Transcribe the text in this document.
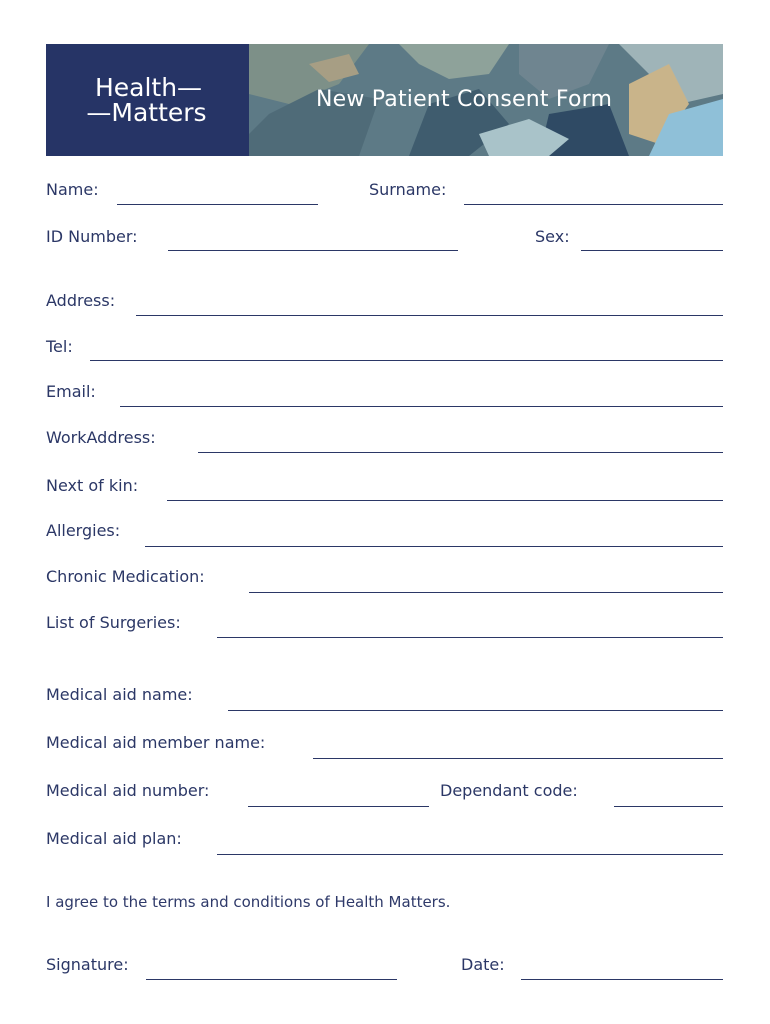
Health—
—Matters	New Patient Consent Form
Name:	Surname:
ID Number:	Sex:
Address:
Tel:
Email:
WorkAddress:
Next of kin:
Allergies:
Chronic Medication:
List of Surgeries:
Medical aid name:
Medical aid member name:
Medical aid number:	Dependant code:
Medical aid plan:
I agree to the terms and conditions of Health Matters.
Signature:	Date:
